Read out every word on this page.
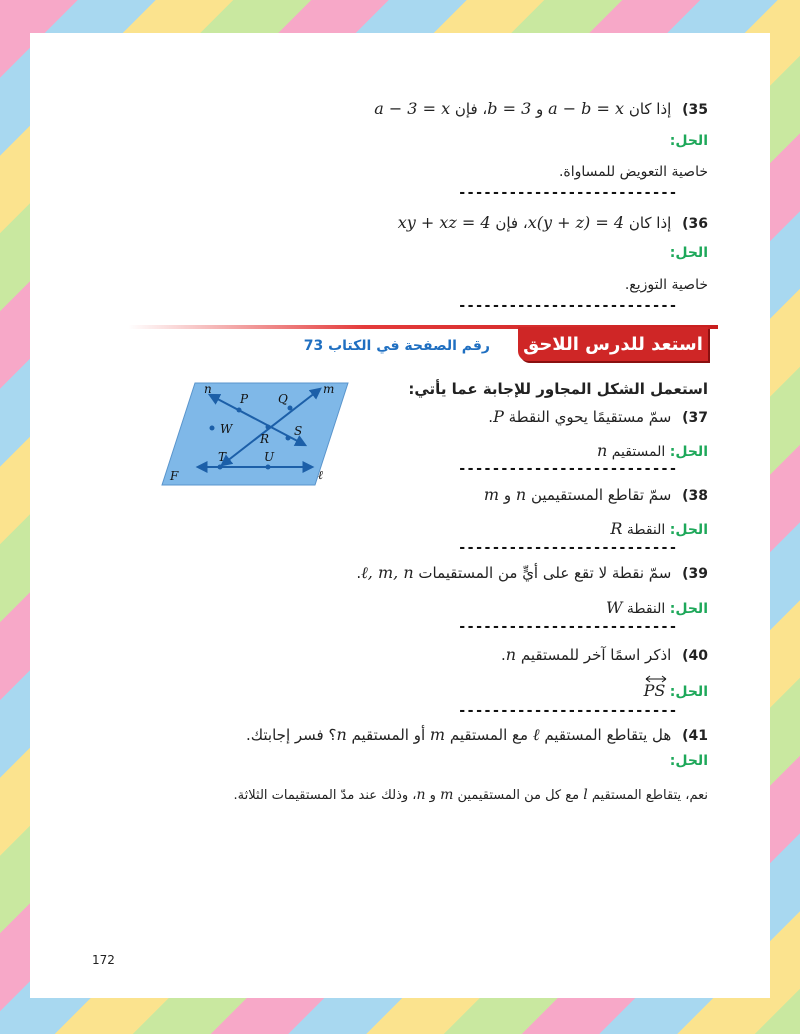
35) إذا كان a − b = x و b = 3، فإن a − 3 = x
الحل:
خاصية التعويض للمساواة.
--------------------------
36) إذا كان x(y + z) = 4، فإن xy + xz = 4
الحل:
خاصية التوزيع.
--------------------------
استعد للدرس اللاحق
رقم الصفحة في الكتاب 73
استعمل الشكل المجاور للإجابة عما يأتي:
n
P Q
m
W
R
S
F
T	U
ℓ
37) سمّ مستقيمًا يحوي النقطة P.
الحل: المستقيم n
--------------------------
38) سمّ تقاطع المستقيمين n و m
الحل: النقطة R
--------------------------
39) سمّ نقطة لا تقع على أيٍّ من المستقيمات ℓ, m, n.
الحل: النقطة W
--------------------------
40) اذكر اسمًا آخر للمستقيم n.
الحل:
PS
--------------------------
41) هل يتقاطع المستقيم ℓ مع المستقيم m أو المستقيم n؟ فسر إجابتك.
الحل:
نعم، يتقاطع المستقيم l مع كل من المستقيمين m و n، وذلك عند مدّ المستقيمات الثلاثة.
172
